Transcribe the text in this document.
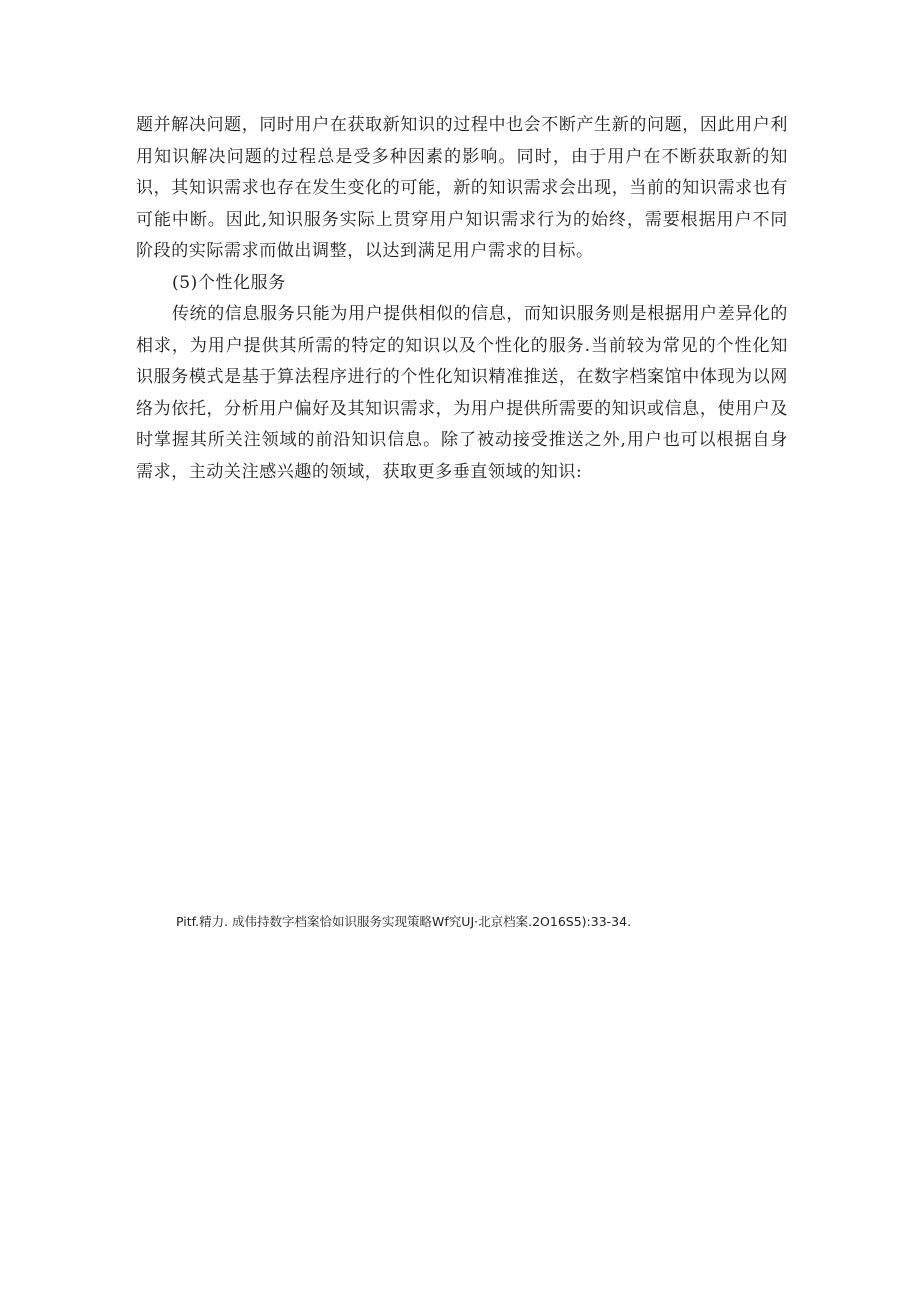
题并解决问题，同时用户在获取新知识的过程中也会不断产生新的问题，因此用户利用知识解决问题的过程总是受多种因素的影响。同时，由于用户在不断获取新的知识，其知识需求也存在发生变化的可能，新的知识需求会出现，当前的知识需求也有可能中断。因此,知识服务实际上贯穿用户知识需求行为的始终，需要根据用户不同阶段的实际需求而做出调整，以达到满足用户需求的目标。

(5)个性化服务

传统的信息服务只能为用户提供相似的信息，而知识服务则是根据用户差异化的相求，为用户提供其所需的特定的知识以及个性化的服务.当前较为常见的个性化知识服务模式是基于算法程序进行的个性化知识精准推送，在数字档案馆中体现为以网络为依托，分析用户偏好及其知识需求，为用户提供所需要的知识或信息，使用户及时掌握其所关注领域的前沿知识信息。除了被动接受推送之外,用户也可以根据自身需求，主动关注感兴趣的领域，获取更多垂直领域的知识:

Pitf.精力. 成伟持数字档案恰如识服务实现策略Wf究UJ·北京档案.2O16S5):33-34.
